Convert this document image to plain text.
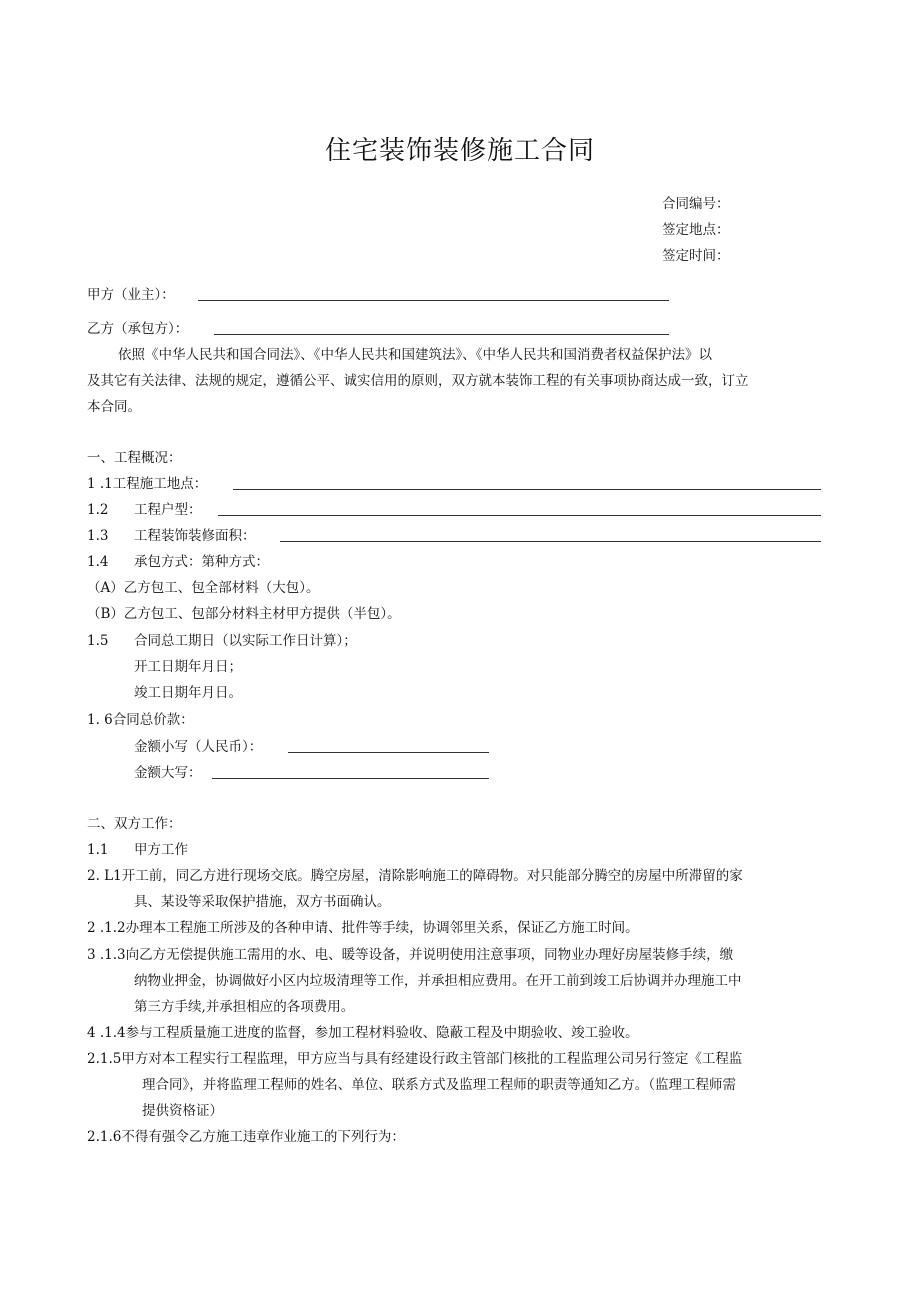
住宅装饰装修施工合同
合同编号：
签定地点：
签定时间：
甲方（业主）：
乙方（承包方）：
依照《中华人民共和国合同法》、《中华人民共和国建筑法》、《中华人民共和国消费者权益保护法》以
及其它有关法律、法规的规定，遵循公平、诚实信用的原则，双方就本装饰工程的有关事项协商达成一致，订立
本合同。
一、工程概况：
1 .1工程施工地点：
1.2 工程户型：
1.3 工程装饰装修面积：
1.4 承包方式：第种方式：
（A）乙方包工、包全部材料（大包）。
（B）乙方包工、包部分材料主材甲方提供（半包）。
1.5 合同总工期日（以实际工作日计算）；
开工日期年月日；
竣工日期年月日。
1. 6合同总价款：
金额小写（人民币）：
金额大写：
二、双方工作：
1.1 甲方工作
2. L1开工前，同乙方进行现场交底。腾空房屋，清除影响施工的障碍物。对只能部分腾空的房屋中所滞留的家
具、某设等采取保护措施，双方书面确认。
2 .1.2办理本工程施工所涉及的各种申请、批件等手续，协调邻里关系，保证乙方施工时间。
3 .1.3向乙方无偿提供施工需用的水、电、暖等设备，并说明使用注意事项，同物业办理好房屋装修手续，缴
纳物业押金，协调做好小区内垃圾清理等工作，并承担相应费用。在开工前到竣工后协调并办理施工中
第三方手续,并承担相应的各项费用。
4 .1.4参与工程质量施工进度的监督，参加工程材料验收、隐蔽工程及中期验收、竣工验收。
2.1.5甲方对本工程实行工程监理，甲方应当与具有经建设行政主管部门核批的工程监理公司另行签定《工程监
理合同》，并将监理工程师的姓名、单位、联系方式及监理工程师的职责等通知乙方。（监理工程师需
提供资格证）
2.1.6不得有强令乙方施工违章作业施工的下列行为：
